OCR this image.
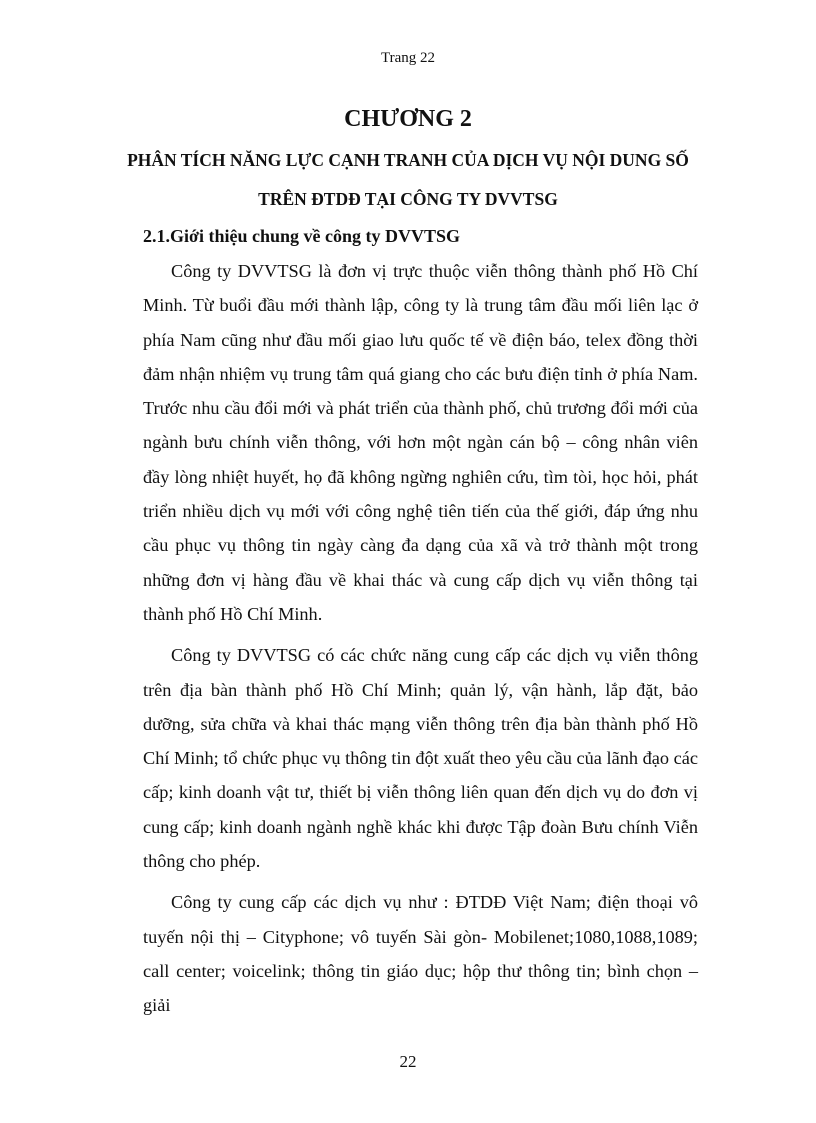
Trang 22
CHƯƠNG 2
PHÂN TÍCH NĂNG LỰC CẠNH TRANH CỦA DỊCH VỤ NỘI DUNG SỐ
TRÊN ĐTDĐ TẠI CÔNG TY DVVTSG
2.1.Giới thiệu chung về công ty DVVTSG

Công ty DVVTSG là đơn vị trực thuộc viễn thông thành phố Hồ Chí Minh. Từ buổi đầu mới thành lập, công ty là trung tâm đầu mối liên lạc ở phía Nam cũng như đầu mối giao lưu quốc tế về điện báo, telex đồng thời đảm nhận nhiệm vụ trung tâm quá giang cho các bưu điện tỉnh ở phía Nam. Trước nhu cầu đổi mới và phát triển của thành phố, chủ trương đổi mới của ngành bưu chính viễn thông, với hơn một ngàn cán bộ – công nhân viên đầy lòng nhiệt huyết, họ đã không ngừng nghiên cứu, tìm tòi, học hỏi, phát triển nhiều dịch vụ mới với công nghệ tiên tiến của thế giới, đáp ứng nhu cầu phục vụ thông tin ngày càng đa dạng của xã và trở thành một trong những đơn vị hàng đầu về khai thác và cung cấp dịch vụ viễn thông tại thành phố Hồ Chí Minh.

Công ty DVVTSG có các chức năng cung cấp các dịch vụ viễn thông trên địa bàn thành phố Hồ Chí Minh; quản lý, vận hành, lắp đặt, bảo dưỡng, sửa chữa và khai thác mạng viễn thông trên địa bàn thành phố Hồ Chí Minh; tổ chức phục vụ thông tin đột xuất theo yêu cầu của lãnh đạo các cấp; kinh doanh vật tư, thiết bị viễn thông liên quan đến dịch vụ do đơn vị cung cấp; kinh doanh ngành nghề khác khi được Tập đoàn Bưu chính Viễn thông cho phép.

Công ty cung cấp các dịch vụ như : ĐTDĐ Việt Nam; điện thoại vô tuyến nội thị – Cityphone; vô tuyến Sài gòn- Mobilenet;1080,1088,1089; call center; voicelink; thông tin giáo dục; hộp thư thông tin; bình chọn – giải

22
